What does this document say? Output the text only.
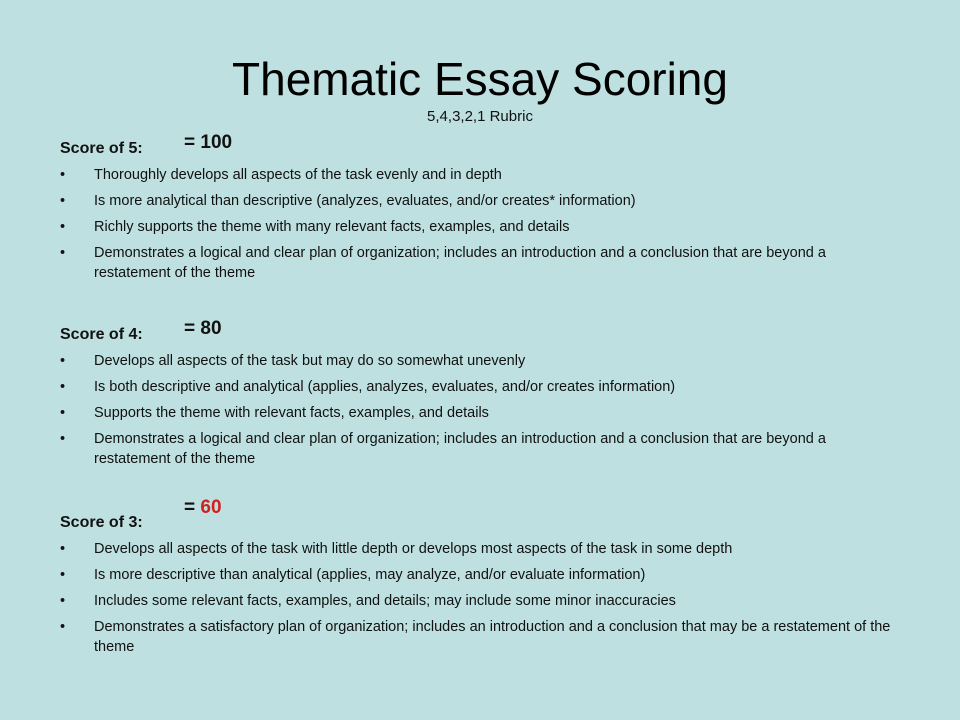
Thematic Essay Scoring
5,4,3,2,1 Rubric
Score of 5: = 100
•	Thoroughly develops all aspects of the task evenly and in depth
•	Is more analytical than descriptive (analyzes, evaluates, and/or creates* information)
•	Richly supports the theme with many relevant facts, examples, and details
•	Demonstrates a logical and clear plan of organization; includes an introduction and a conclusion that are beyond a restatement of the theme
Score of 4: = 80
•	Develops all aspects of the task but may do so somewhat unevenly
•	Is both descriptive and analytical (applies, analyzes, evaluates, and/or creates information)
•	Supports the theme with relevant facts, examples, and details
•	Demonstrates a logical and clear plan of organization; includes an introduction and a conclusion that are beyond a restatement of the theme
Score of 3:
= 60
•	Develops all aspects of the task with little depth or develops most aspects of the task in some depth
•	Is more descriptive than analytical (applies, may analyze, and/or evaluate information)
•	Includes some relevant facts, examples, and details; may include some minor inaccuracies
•	Demonstrates a satisfactory plan of organization; includes an introduction and a conclusion that may be a restatement of the theme
